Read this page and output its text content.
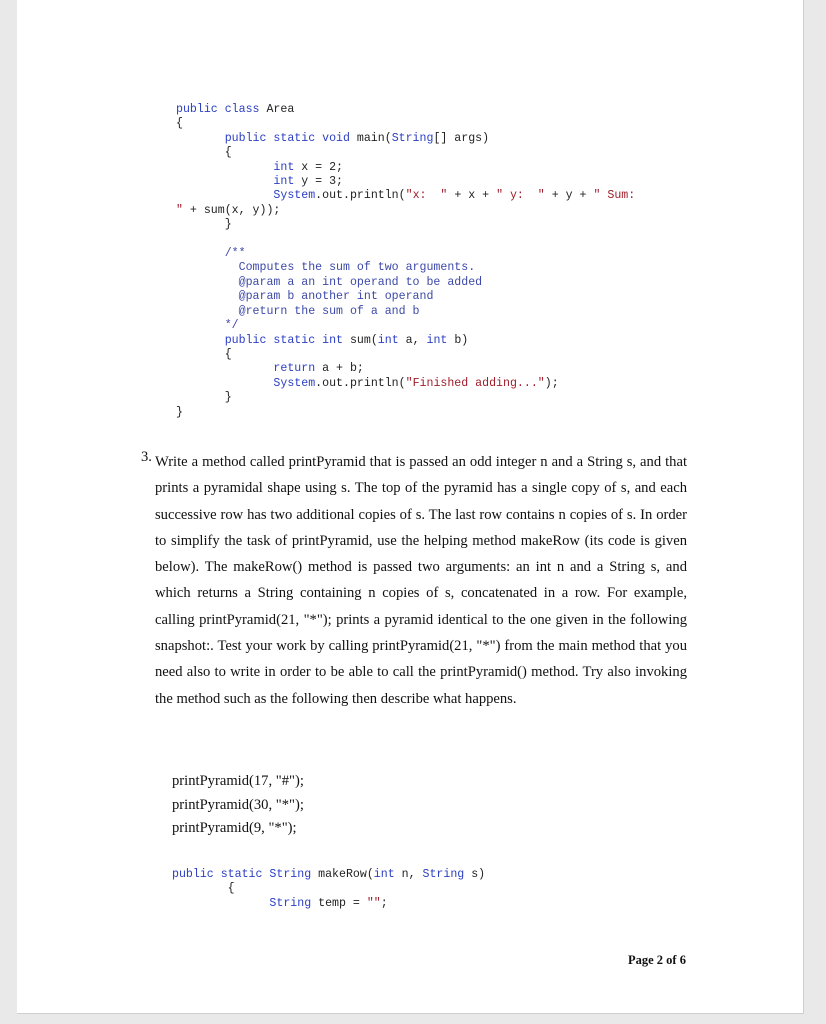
public class Area
{
public static void main(String[] args)
{
int x = 2;
int y = 3;
System.out.println("x:  " + x + " y:  " + y + " Sum:
" + sum(x, y));
}

/**
Computes the sum of two arguments.
@param a an int operand to be added
@param b another int operand
@return the sum of a and b
*/
public static int sum(int a, int b)
{
return a + b;
System.out.println("Finished adding...");
}
}
3. Write a method called printPyramid that is passed an odd integer n and a String s, and that prints a pyramidal shape using s. The top of the pyramid has a single copy of s, and each successive row has two additional copies of s. The last row contains n copies of s. In order to simplify the task of printPyramid, use the helping method makeRow (its code is given below). The makeRow() method is passed two arguments: an int n and a String s, and which returns a String containing n copies of s, concatenated in a row. For example, calling printPyramid(21, "*"); prints a pyramid identical to the one given in the following snapshot:. Test your work by calling printPyramid(21, "*") from the main method that you need also to write in order to be able to call the printPyramid() method. Try also invoking the method such as the following then describe what happens.

printPyramid(17, "#");
printPyramid(30, "*");
printPyramid(9, "*");
public static String makeRow(int n, String s)
{
String temp = "";
Page 2 of 6
